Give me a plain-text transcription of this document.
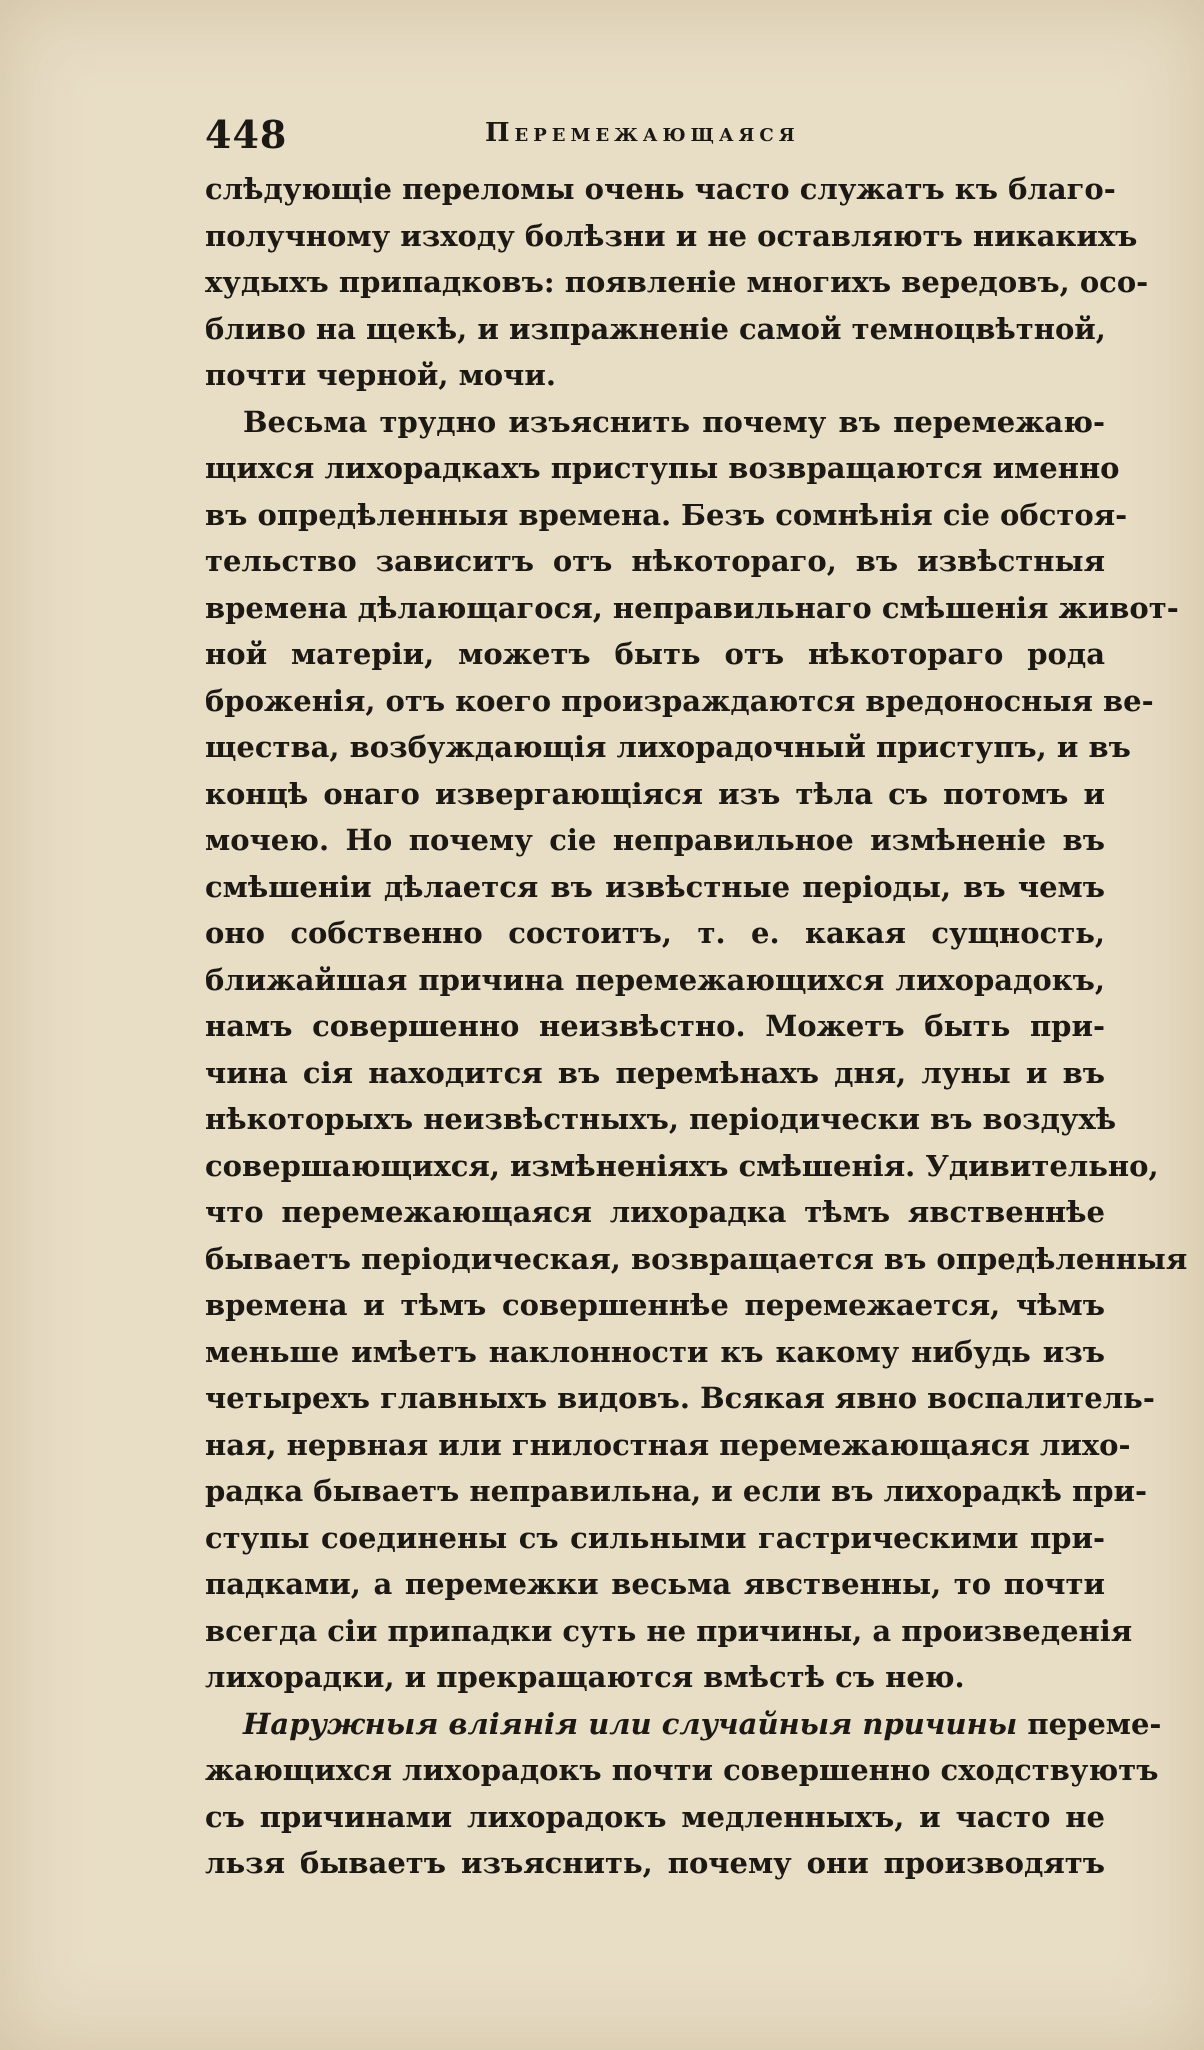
448	Перемежающаяся
слѣдующіе переломы очень часто служатъ къ благо-
получному изходу болѣзни и не оставляютъ никакихъ
худыхъ припадковъ: появленіе многихъ вередовъ, осо-
бливо на щекѣ, и изпражненіе самой темноцвѣтной,
почти черной, мочи.
Весьма трудно изъяснить почему въ перемежаю-
щихся лихорадкахъ приступы возвращаются именно
въ опредѣленныя времена. Безъ сомнѣнія сіе обстоя-
тельство зависитъ отъ нѣкотораго, въ извѣстныя
времена дѣлающагося, неправильнаго смѣшенія живот-
ной матеріи, можетъ быть отъ нѣкотораго рода
броженія, отъ коего произраждаются вредоносныя ве-
щества, возбуждающія лихорадочный приступъ, и въ
концѣ онаго извергающіяся изъ тѣла съ потомъ и
мочею. Но почему сіе неправильное измѣненіе въ
смѣшеніи дѣлается въ извѣстные періоды, въ чемъ
оно собственно состоитъ, т. е. какая сущность,
ближайшая причина перемежающихся лихорадокъ,
намъ совершенно неизвѣстно. Можетъ быть при-
чина сія находится въ перемѣнахъ дня, луны и въ
нѣкоторыхъ неизвѣстныхъ, періодически въ воздухѣ
совершающихся, измѣненіяхъ смѣшенія. Удивительно,
что перемежающаяся лихорадка тѣмъ явственнѣе
бываетъ періодическая, возвращается въ опредѣленныя
времена и тѣмъ совершеннѣе перемежается, чѣмъ
меньше имѣетъ наклонности къ какому нибудь изъ
четырехъ главныхъ видовъ. Всякая явно воспалитель-
ная, нервная или гнилостная перемежающаяся лихо-
радка бываетъ неправильна, и если въ лихорадкѣ при-
ступы соединены съ сильными гастрическими при-
падками, а перемежки весьма явственны, то почти
всегда сіи припадки суть не причины, а произведенія
лихорадки, и прекращаются вмѣстѣ съ нею.
Наружныя вліянія или случайныя причины переме-
жающихся лихорадокъ почти совершенно сходствуютъ
съ причинами лихорадокъ медленныхъ, и часто не
льзя бываетъ изъяснить, почему они производятъ
